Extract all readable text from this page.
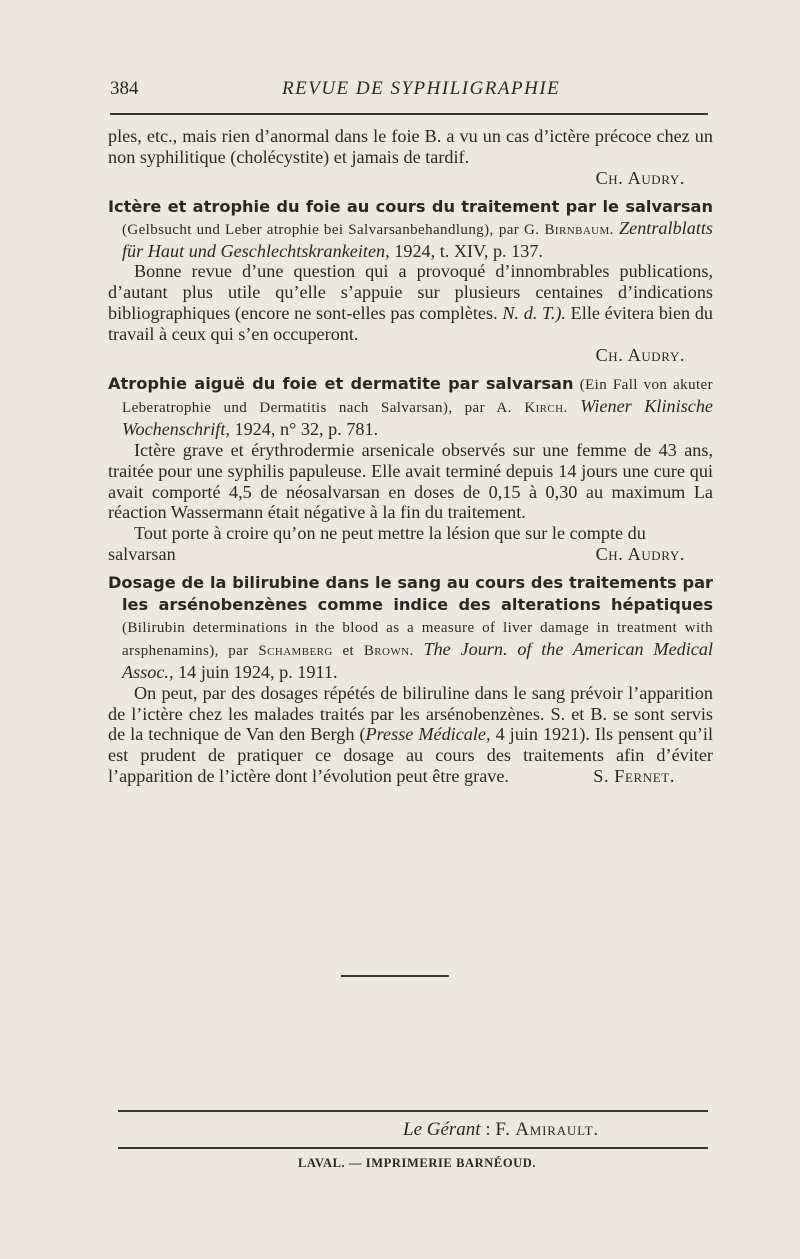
384	REVUE DE SYPHILIGRAPHIE

ples, etc., mais rien d’anormal dans le foie B. a vu un cas d’ictère précoce chez un non syphilitique (cholécystite) et jamais de tardif.

Ch. Audry.

Ictère et atrophie du foie au cours du traitement par le salvarsan (Gelbsucht und Leber atrophie bei Salvarsanbehandlung), par G. Birnbaum. Zentralblatts für Haut und Geschlechtskrankeiten, 1924, t. XIV, p. 137.

Bonne revue d’une question qui a provoqué d’innombrables publications, d’autant plus utile qu’elle s’appuie sur plusieurs centaines d’indications bibliographiques (encore ne sont-elles pas complètes. N. d. T.). Elle évitera bien du travail à ceux qui s’en occuperont.

Ch. Audry.

Atrophie aiguë du foie et dermatite par salvarsan (Ein Fall von akuter Leberatrophie und Dermatitis nach Salvarsan), par A. Kirch. Wiener Klinische Wochenschrift, 1924, n° 32, p. 781.

Ictère grave et érythrodermie arsenicale observés sur une femme de 43 ans, traitée pour une syphilis papuleuse. Elle avait terminé depuis 14 jours une cure qui avait comporté 4,5 de néosalvarsan en doses de 0,15 à 0,30 au maximum La réaction Wassermann était négative à la fin du traitement.

Tout porte à croire qu’on ne peut mettre la lésion que sur le compte du salvarsan	Ch. Audry.

Dosage de la bilirubine dans le sang au cours des traitements par les arsénobenzènes comme indice des alterations hépatiques (Bilirubin determinations in the blood as a measure of liver damage in treatment with arsphenamins), par Schamberg et Brown. The Journ. of the American Medical Assoc., 14 juin 1924, p. 1911.

On peut, par des dosages répétés de biliruline dans le sang prévoir l’apparition de l’ictère chez les malades traités par les arsénobenzènes. S. et B. se sont servis de la technique de Van den Bergh (Presse Médicale, 4 juin 1921). Ils pensent qu’il est prudent de pratiquer ce dosage au cours des traitements afin d’éviter l’apparition de l’ictère dont l’évolution peut être grave.	S. Fernet.

Le Gérant : F. Amirault.
LAVAL. — IMPRIMERIE BARNÉOUD.
